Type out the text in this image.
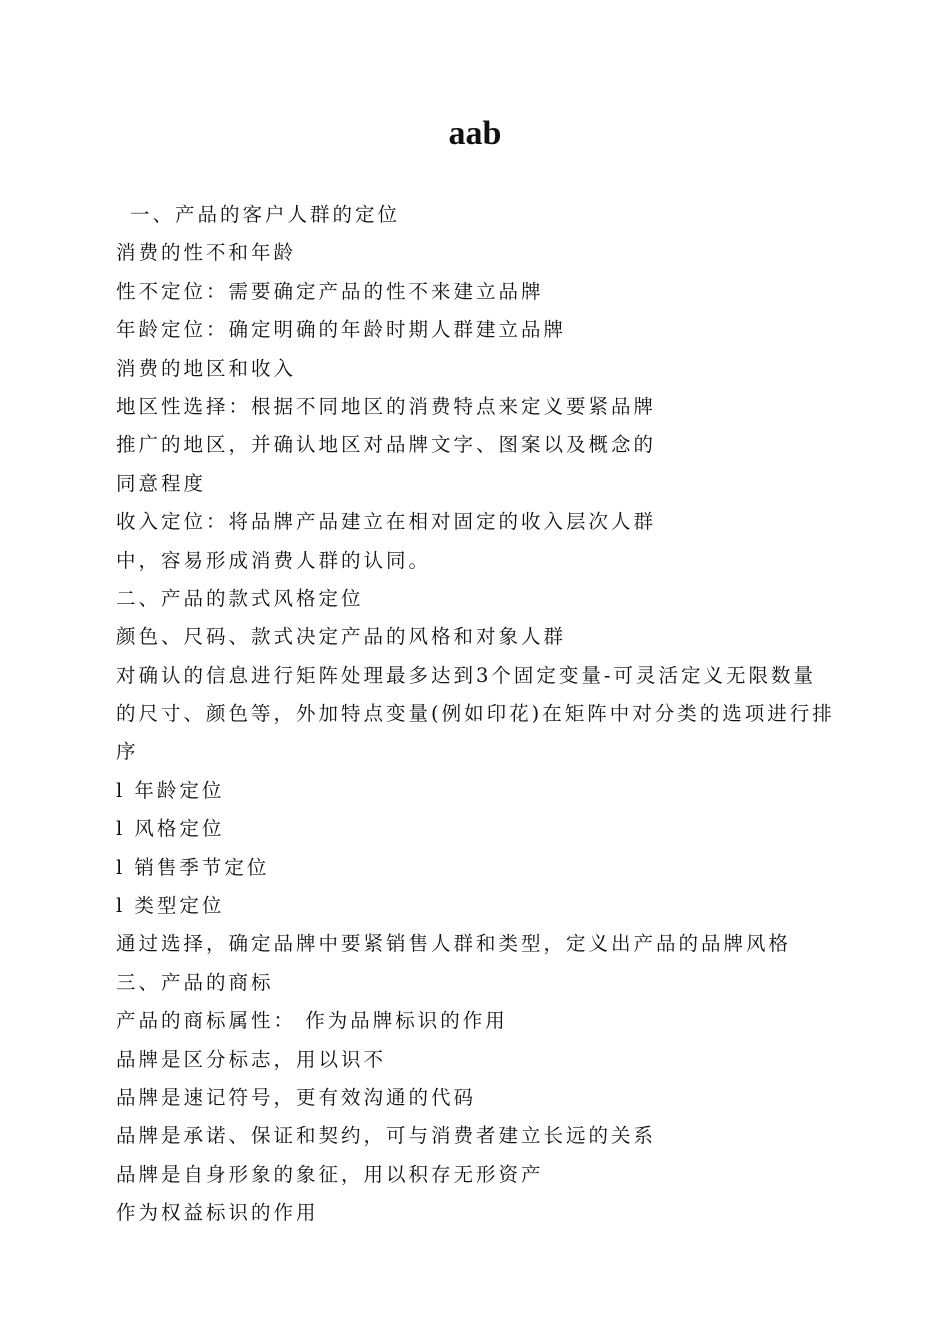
aab

一、产品的客户人群的定位

消费的性不和年龄

性不定位：需要确定产品的性不来建立品牌

年龄定位：确定明确的年龄时期人群建立品牌

消费的地区和收入

地区性选择：根据不同地区的消费特点来定义要紧品牌

推广的地区，并确认地区对品牌文字、图案以及概念的

同意程度

收入定位：将品牌产品建立在相对固定的收入层次人群

中，容易形成消费人群的认同。

二、产品的款式风格定位

颜色、尺码、款式决定产品的风格和对象人群

对确认的信息进行矩阵处理最多达到3个固定变量-可灵活定义无限数量

的尺寸、颜色等，外加特点变量(例如印花)在矩阵中对分类的选项进行排

序

l 年龄定位

l 风格定位

l 销售季节定位

l 类型定位

通过选择，确定品牌中要紧销售人群和类型，定义出产品的品牌风格

三、产品的商标

产品的商标属性： 作为品牌标识的作用

品牌是区分标志，用以识不

品牌是速记符号，更有效沟通的代码

品牌是承诺、保证和契约，可与消费者建立长远的关系

品牌是自身形象的象征，用以积存无形资产

作为权益标识的作用
